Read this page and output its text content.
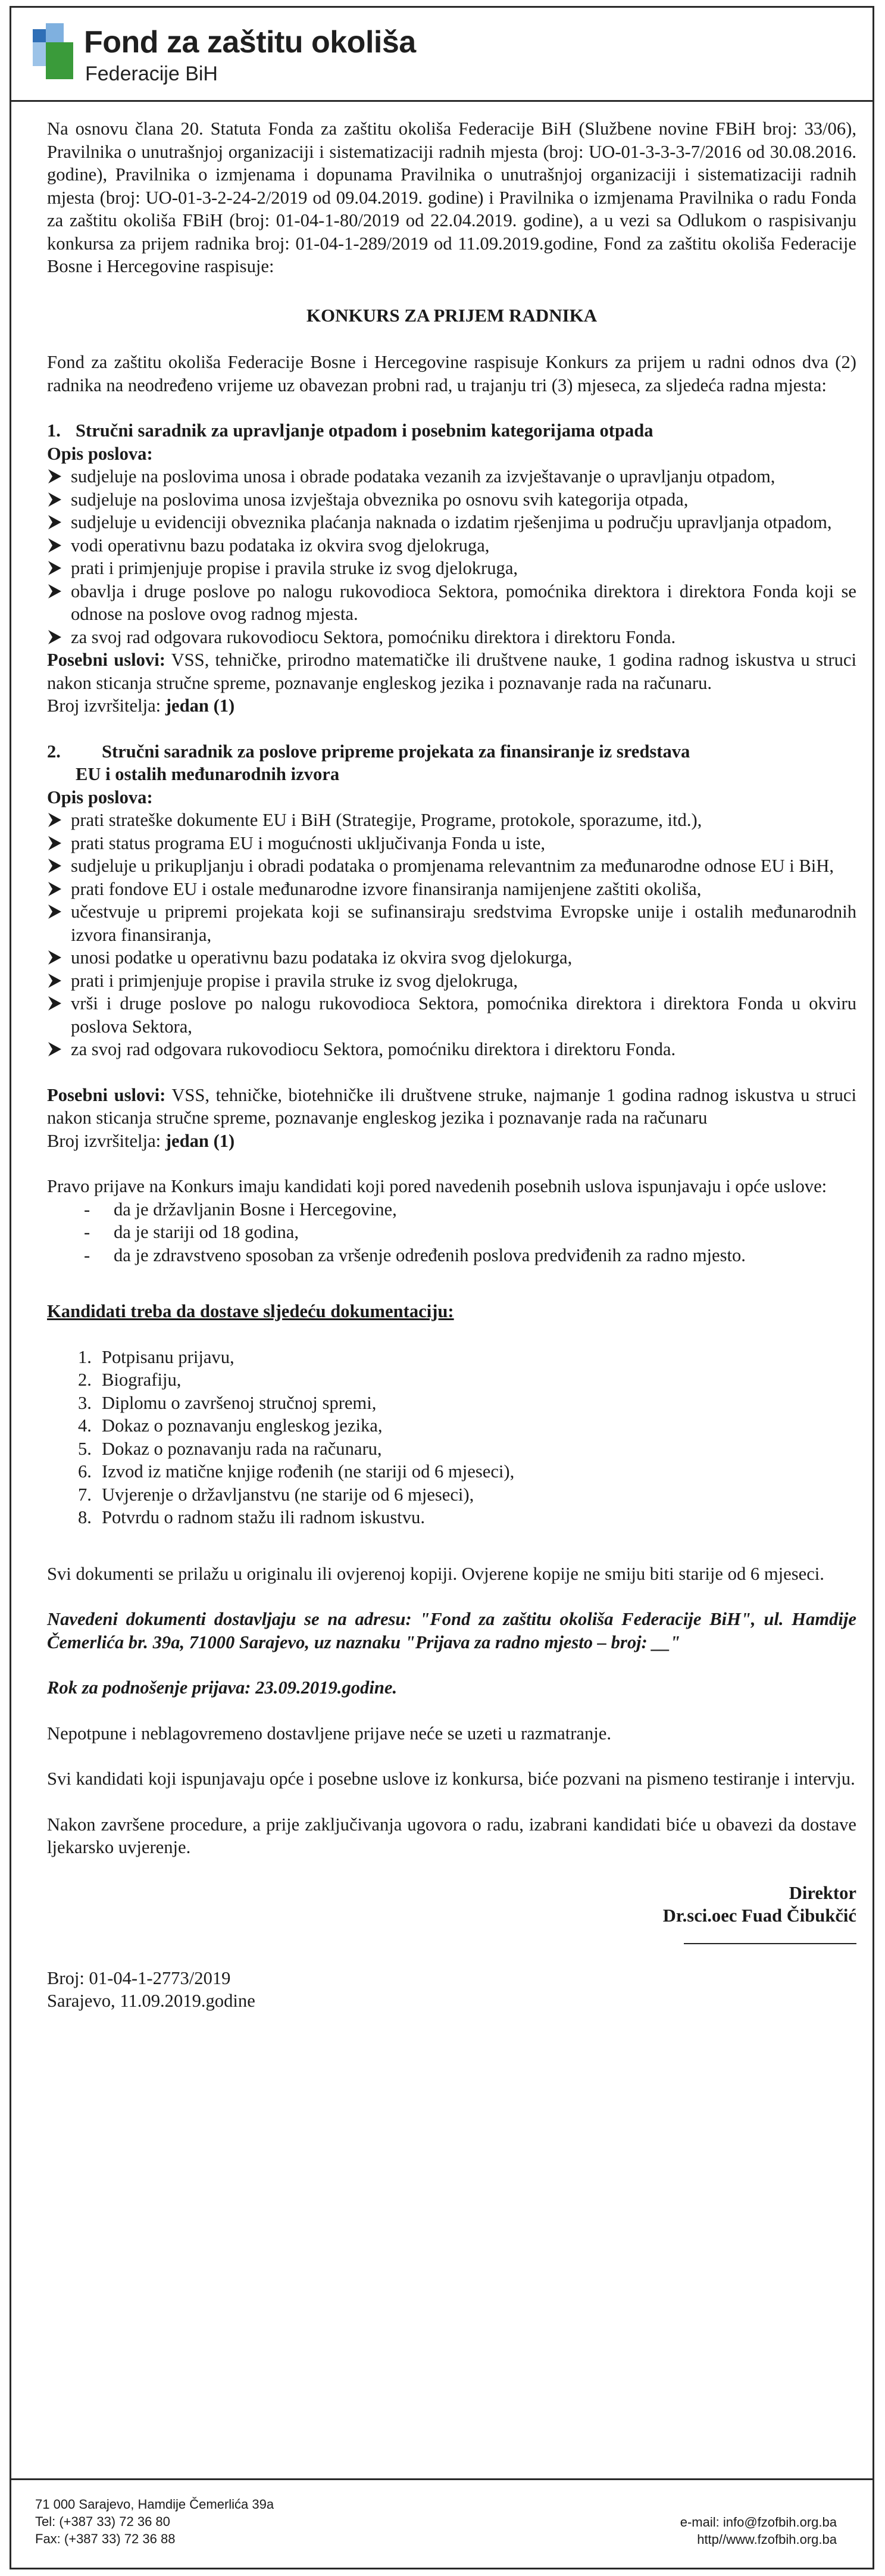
Fond za zaštitu okoliša
Federacije BiH

Na osnovu člana 20. Statuta Fonda za zaštitu okoliša Federacije BiH (Službene novine FBiH broj: 33/06), Pravilnika o unutrašnjoj organizaciji i sistematizaciji radnih mjesta (broj: UO-01-3-3-3-7/2016 od 30.08.2016. godine), Pravilnika o izmjenama i dopunama Pravilnika o unutrašnjoj organizaciji i sistematizaciji radnih mjesta (broj: UO-01-3-2-24-2/2019 od 09.04.2019. godine) i Pravilnika o izmjenama Pravilnika o radu Fonda za zaštitu okoliša FBiH (broj: 01-04-1-80/2019 od 22.04.2019. godine), a u vezi sa Odlukom o raspisivanju konkursa za prijem radnika broj: 01-04-1-289/2019 od 11.09.2019.godine, Fond za zaštitu okoliša Federacije Bosne i Hercegovine raspisuje:

KONKURS ZA PRIJEM RADNIKA

Fond za zaštitu okoliša Federacije Bosne i Hercegovine raspisuje Konkurs za prijem u radni odnos dva (2) radnika na neodređeno vrijeme uz obavezan probni rad, u trajanju tri (3) mjeseca, za sljedeća radna mjesta:

1. Stručni saradnik za upravljanje otpadom i posebnim kategorijama otpada

Opis poslova:

sudjeluje na poslovima unosa i obrade podataka vezanih za izvještavanje o upravljanju otpadom,
sudjeluje na poslovima unosa izvještaja obveznika po osnovu svih kategorija otpada,
sudjeluje u evidenciji obveznika plaćanja naknada o izdatim rješenjima u području upravljanja otpadom,
vodi operativnu bazu podataka iz okvira svog djelokruga,
prati i primjenjuje propise i pravila struke iz svog djelokruga,
obavlja i druge poslove po nalogu rukovodioca Sektora, pomoćnika direktora i direktora Fonda koji se odnose na poslove ovog radnog mjesta.
za svoj rad odgovara rukovodiocu Sektora, pomoćniku direktora i direktoru Fonda.

Posebni uslovi: VSS, tehničke, prirodno matematičke ili društvene nauke, 1 godina radnog iskustva u struci nakon sticanja stručne spreme, poznavanje engleskog jezika i poznavanje rada na računaru.

Broj izvršitelja: jedan (1)

2. Stručni saradnik za poslove pripreme projekata za finansiranje iz sredstava

EU i ostalih međunarodnih izvora

Opis poslova:

prati strateške dokumente EU i BiH (Strategije, Programe, protokole, sporazume, itd.),
prati status programa EU i mogućnosti uključivanja Fonda u iste,
sudjeluje u prikupljanju i obradi podataka o promjenama relevantnim za međunarodne odnose EU i BiH,
prati fondove EU i ostale međunarodne izvore finansiranja namijenjene zaštiti okoliša,
učestvuje u pripremi projekata koji se sufinansiraju sredstvima Evropske unije i ostalih međunarodnih izvora finansiranja,
unosi podatke u operativnu bazu podataka iz okvira svog djelokurga,
prati i primjenjuje propise i pravila struke iz svog djelokruga,
vrši i druge poslove po nalogu rukovodioca Sektora, pomoćnika direktora i direktora Fonda u okviru poslova Sektora,
za svoj rad odgovara rukovodiocu Sektora, pomoćniku direktora i direktoru Fonda.

Posebni uslovi: VSS, tehničke, biotehničke ili društvene struke, najmanje 1 godina radnog iskustva u struci nakon sticanja stručne spreme, poznavanje engleskog jezika i poznavanje rada na računaru

Broj izvršitelja: jedan (1)

Pravo prijave na Konkurs imaju kandidati koji pored navedenih posebnih uslova ispunjavaju i opće uslove:

- da je državljanin Bosne i Hercegovine,
- da je stariji od 18 godina,
- da je zdravstveno sposoban za vršenje određenih poslova predviđenih za radno mjesto.

Kandidati treba da dostave sljedeću dokumentaciju:

1. Potpisanu prijavu,
2. Biografiju,
3. Diplomu o završenoj stručnoj spremi,
4. Dokaz o poznavanju engleskog jezika,
5. Dokaz o poznavanju rada na računaru,
6. Izvod iz matične knjige rođenih (ne stariji od 6 mjeseci),
7. Uvjerenje o državljanstvu (ne starije od 6 mjeseci),
8. Potvrdu o radnom stažu ili radnom iskustvu.

Svi dokumenti se prilažu u originalu ili ovjerenoj kopiji. Ovjerene kopije ne smiju biti starije od 6 mjeseci.

Navedeni dokumenti dostavljaju se na adresu: "Fond za zaštitu okoliša Federacije BiH", ul. Hamdije Čemerlića br. 39a, 71000 Sarajevo, uz naznaku "Prijava za radno mjesto – broj: __"

Rok za podnošenje prijava: 23.09.2019.godine.

Nepotpune i neblagovremeno dostavljene prijave neće se uzeti u razmatranje.

Svi kandidati koji ispunjavaju opće i posebne uslove iz konkursa, biće pozvani na pismeno testiranje i intervju.

Nakon završene procedure, a prije zaključivanja ugovora o radu, izabrani kandidati biće u obavezi da dostave ljekarsko uvjerenje.

Direktor

Dr.sci.oec Fuad Čibukčić

Broj: 01-04-1-2773/2019

Sarajevo, 11.09.2019.godine

71 000 Sarajevo, Hamdije Čemerlića 39a
Tel: (+387 33) 72 36 80
Fax: (+387 33) 72 36 88
e-mail: info@fzofbih.org.ba
http//www.fzofbih.org.ba
